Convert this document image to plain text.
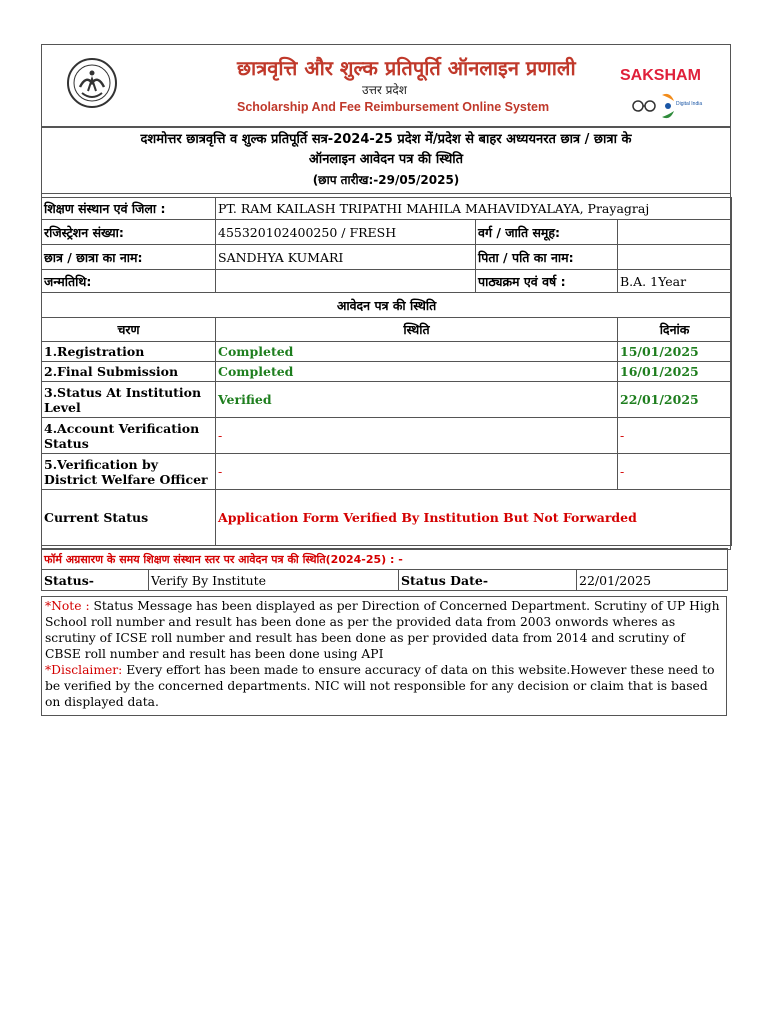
छात्रवृत्ति और शुल्क प्रतिपूर्ति ऑनलाइन प्रणाली
उत्तर प्रदेश
Scholarship And Fee Reimbursement Online System
SAKSHAM
Digital India
दशमोत्तर छात्रवृत्ति व शुल्क प्रतिपूर्ति सत्र-2024-25 प्रदेश में/प्रदेश से बाहर अध्ययनरत छात्र / छात्रा के
ऑनलाइन आवेदन पत्र की स्थिति
(छाप तारीख:-29/05/2025)
शिक्षण संस्थान एवं जिला :	PT. RAM KAILASH TRIPATHI MAHILA MAHAVIDYALAYA, Prayagraj		
रजिस्ट्रेशन संख्या:	455320102400250 / FRESH	वर्ग / जाति समूह:	
छात्र / छात्रा का नाम:	SANDHYA KUMARI	पिता / पति का नाम:	
जन्मतिथि:		पाठ्यक्रम एवं वर्ष :	B.A. 1Year
आवेदन पत्र की स्थिति			
चरण	स्थिति		दिनांक
1.Registration	Completed		15/01/2025
2.Final Submission	Completed		16/01/2025
3.Status At Institution Level	Verified		22/01/2025
4.Account Verification Status	-		-
5.Verification by District Welfare Officer	-		-
Current Status	Application Form Verified By Institution But Not Forwarded		
फॉर्म अग्रसारण के समय शिक्षण संस्थान स्तर पर आवेदन पत्र की स्थिति(2024-25) : -
Status-	Verify By Institute	Status Date-	22/01/2025
*Note : Status Message has been displayed as per Direction of Concerned Department. Scrutiny of UP High School roll number and result has been done as per the provided data from 2003 onwords wheres as scrutiny of ICSE roll number and result has been done as per provided data from 2014 and scrutiny of CBSE roll number and result has been done using API
*Disclaimer: Every effort has been made to ensure accuracy of data on this website.However these need to be verified by the concerned departments. NIC will not responsible for any decision or claim that is based on displayed data.
